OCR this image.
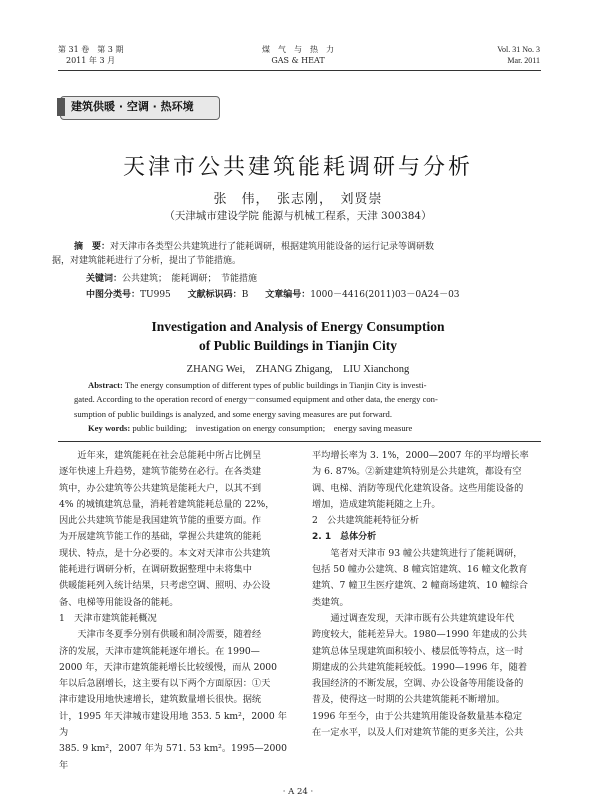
第 31 卷　第 3 期
2011 年 3 月
煤　气　与　热　力
GAS & HEAT
Vol. 31 No. 3
Mar. 2011
建筑供暖 · 空调 · 热环境
天津市公共建筑能耗调研与分析
张　伟，　张志刚，　刘贤崇
（天津城市建设学院 能源与机械工程系，天津 300384）
摘　要：对天津市各类型公共建筑进行了能耗调研，根据建筑用能设备的运行记录等调研数
据，对建筑能耗进行了分析，提出了节能措施。
关键词：公共建筑；　能耗调研；　节能措施
中图分类号：TU995 文献标识码：B 文章编号：1000－4416(2011)03－0A24－03
Investigation and Analysis of Energy Consumption
of Public Buildings in Tianjin City
ZHANG Wei,　ZHANG Zhigang,　LIU Xianchong
Abstract: The energy consumption of different types of public buildings in Tianjin City is investi-
gated. According to the operation record of energy－consumed equipment and other data, the energy con-
sumption of public buildings is analyzed, and some energy saving measures are put forward.
Key words: public building;　investigation on energy consumption;　energy saving measure

近年来，建筑能耗在社会总能耗中所占比例呈

逐年快速上升趋势，建筑节能势在必行。在各类建

筑中，办公建筑等公共建筑是能耗大户，以其不到

4% 的城镇建筑总量，消耗着建筑能耗总量的 22%，

因此公共建筑节能是我国建筑节能的重要方面。作

为开展建筑节能工作的基础，掌握公共建筑的能耗

现状、特点，是十分必要的。本文对天津市公共建筑

能耗进行调研分析，在调研数据整理中未将集中

供暖能耗列入统计结果，只考虑空调、照明、办公设

备、电梯等用能设备的能耗。

1　天津市建筑能耗概况

天津市冬夏季分别有供暖和制冷需要，随着经

济的发展，天津市建筑能耗逐年增长。在 1990—

2000 年，天津市建筑能耗增长比较缓慢，而从 2000

年以后急剧增长，这主要有以下两个方面原因：①天

津市建设用地快速增长，建筑数量增长很快。据统

计，1995 年天津城市建设用地 353. 5 km²，2000 年为

385. 9 km²，2007 年为 571. 53 km²。1995—2000 年

平均增长率为 3. 1%，2000—2007 年的平均增长率

为 6. 87%。②新建建筑特别是公共建筑，都设有空

调、电梯、消防等现代化建筑设备。这些用能设备的

增加，造成建筑能耗随之上升。

2　公共建筑能耗特征分析

2. 1　总体分析

笔者对天津市 93 幢公共建筑进行了能耗调研，

包括 50 幢办公建筑、8 幢宾馆建筑、16 幢文化教育

建筑、7 幢卫生医疗建筑、2 幢商场建筑、10 幢综合

类建筑。

通过调查发现，天津市既有公共建筑建设年代

跨度较大，能耗差异大。1980—1990 年建成的公共

建筑总体呈现建筑面积较小、楼层低等特点，这一时

期建成的公共建筑能耗较低。1990—1996 年，随着

我国经济的不断发展，空调、办公设备等用能设备的

普及，使得这一时期的公共建筑能耗不断增加。

1996 年至今，由于公共建筑用能设备数量基本稳定

在一定水平，以及人们对建筑节能的更多关注，公共

· A 24 ·
